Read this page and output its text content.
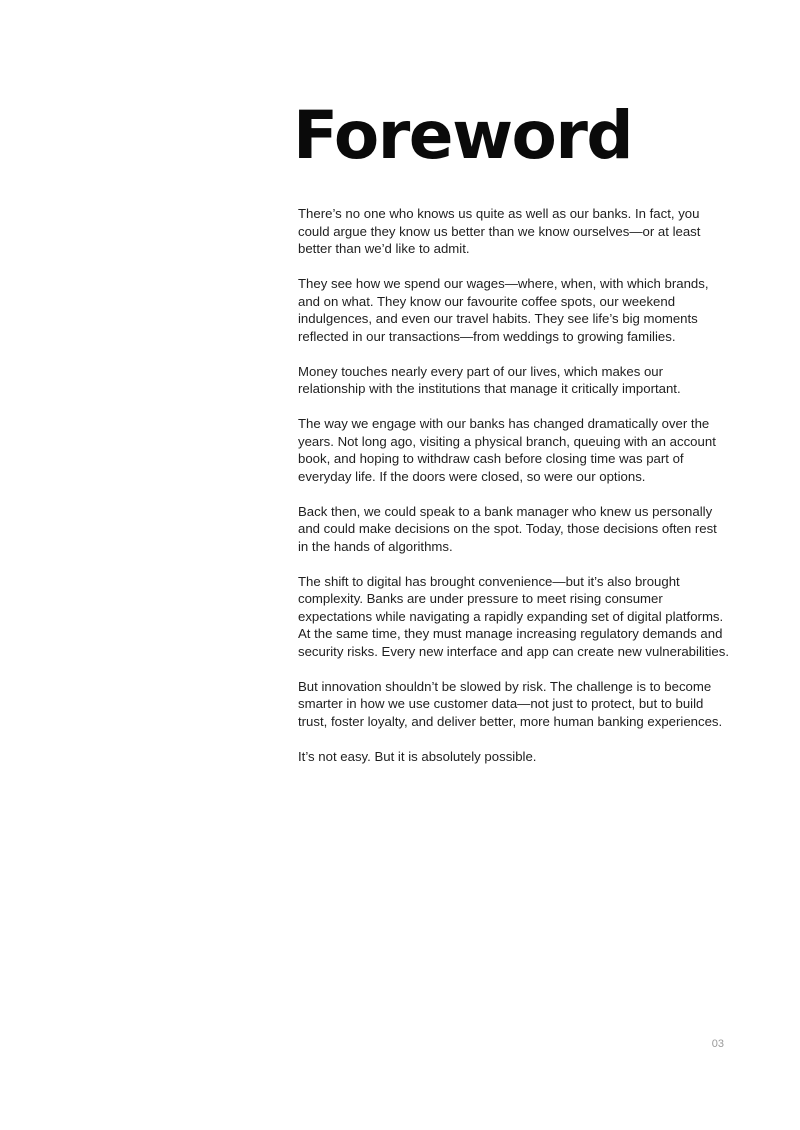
Foreword

There’s no one who knows us quite as well as our banks. In fact, you could argue they know us better than we know ourselves—or at least better than we’d like to admit.

They see how we spend our wages—where, when, with which brands, and on what. They know our favourite coffee spots, our weekend indulgences, and even our travel habits. They see life’s big moments reflected in our transactions—from weddings to growing families.

Money touches nearly every part of our lives, which makes our relationship with the institutions that manage it critically important.

The way we engage with our banks has changed dramatically over the years. Not long ago, visiting a physical branch, queuing with an account book, and hoping to withdraw cash before closing time was part of everyday life. If the doors were closed, so were our options.

Back then, we could speak to a bank manager who knew us personally and could make decisions on the spot. Today, those decisions often rest in the hands of algorithms.

The shift to digital has brought convenience—but it’s also brought complexity. Banks are under pressure to meet rising consumer expectations while navigating a rapidly expanding set of digital platforms. At the same time, they must manage increasing regulatory demands and security risks. Every new interface and app can create new vulnerabilities.

But innovation shouldn’t be slowed by risk. The challenge is to become smarter in how we use customer data—not just to protect, but to build trust, foster loyalty, and deliver better, more human banking experiences.

It’s not easy. But it is absolutely possible.

03
